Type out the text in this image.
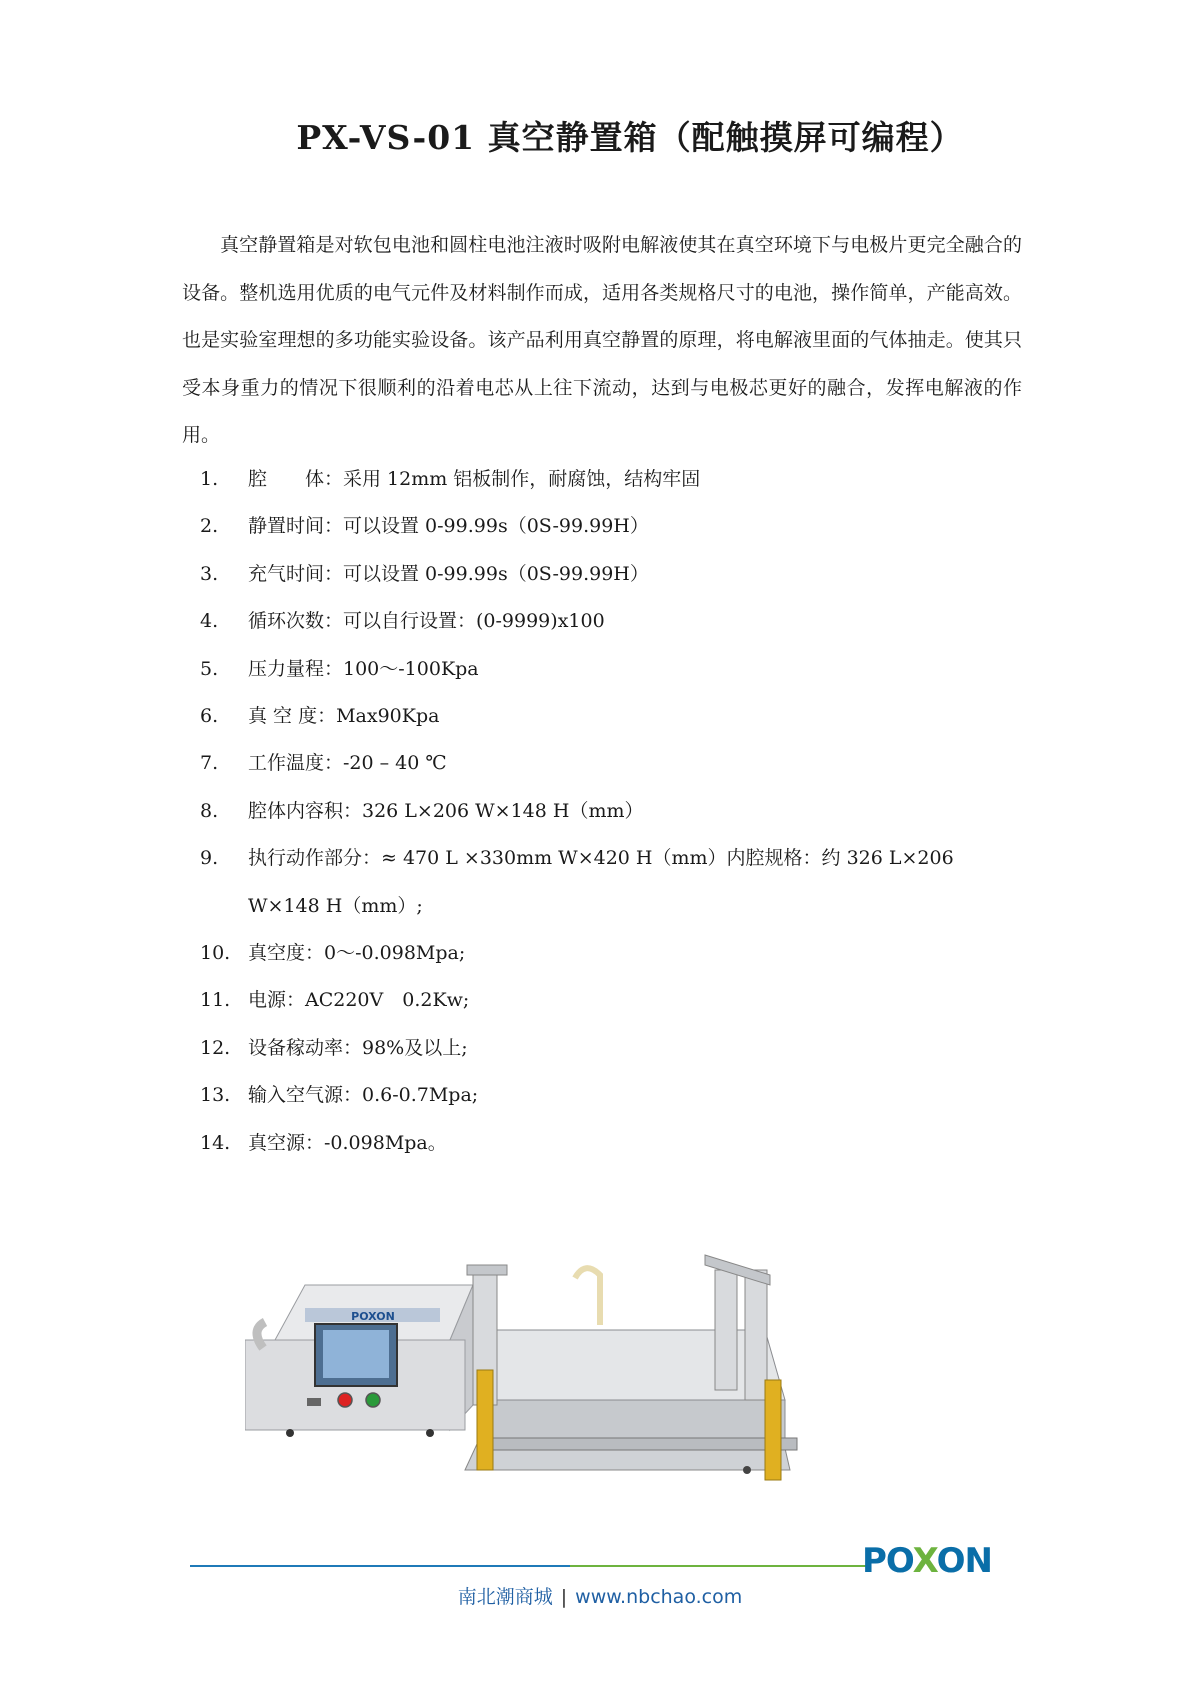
PX-VS-01 真空静置箱（配触摸屏可编程）

真空静置箱是对软包电池和圆柱电池注液时吸附电解液使其在真空环境下与电极片更完全融合的设备。整机选用优质的电气元件及材料制作而成，适用各类规格尺寸的电池，操作简单，产能高效。也是实验室理想的多功能实验设备。该产品利用真空静置的原理，将电解液里面的气体抽走。使其只受本身重力的情况下很顺利的沿着电芯从上往下流动，达到与电极芯更好的融合，发挥电解液的作用。

1.	腔　　体：采用 12mm 铝板制作，耐腐蚀，结构牢固
2.	静置时间：可以设置 0-99.99s（0S-99.99H）
3.	充气时间：可以设置 0-99.99s（0S-99.99H）
4.	循环次数：可以自行设置：(0-9999)x100
5.	压力量程：100～-100Kpa
6.	真 空 度：Max90Kpa
7.	工作温度：-20 – 40 ℃
8.	腔体内容积：326 L×206 W×148 H（mm）
9.	执行动作部分：≈ 470 L ×330mm W×420 H（mm）内腔规格：约 326 L×206 W×148 H（mm）;
10. 真空度：0～-0.098Mpa;
11. 电源：AC220V　0.2Kw;
12. 设备稼动率：98%及以上;
13. 输入空气源：0.6-0.7Mpa;
14. 真空源：-0.098Mpa。
POXON
POXON
南北潮商城 | www.nbchao.com
